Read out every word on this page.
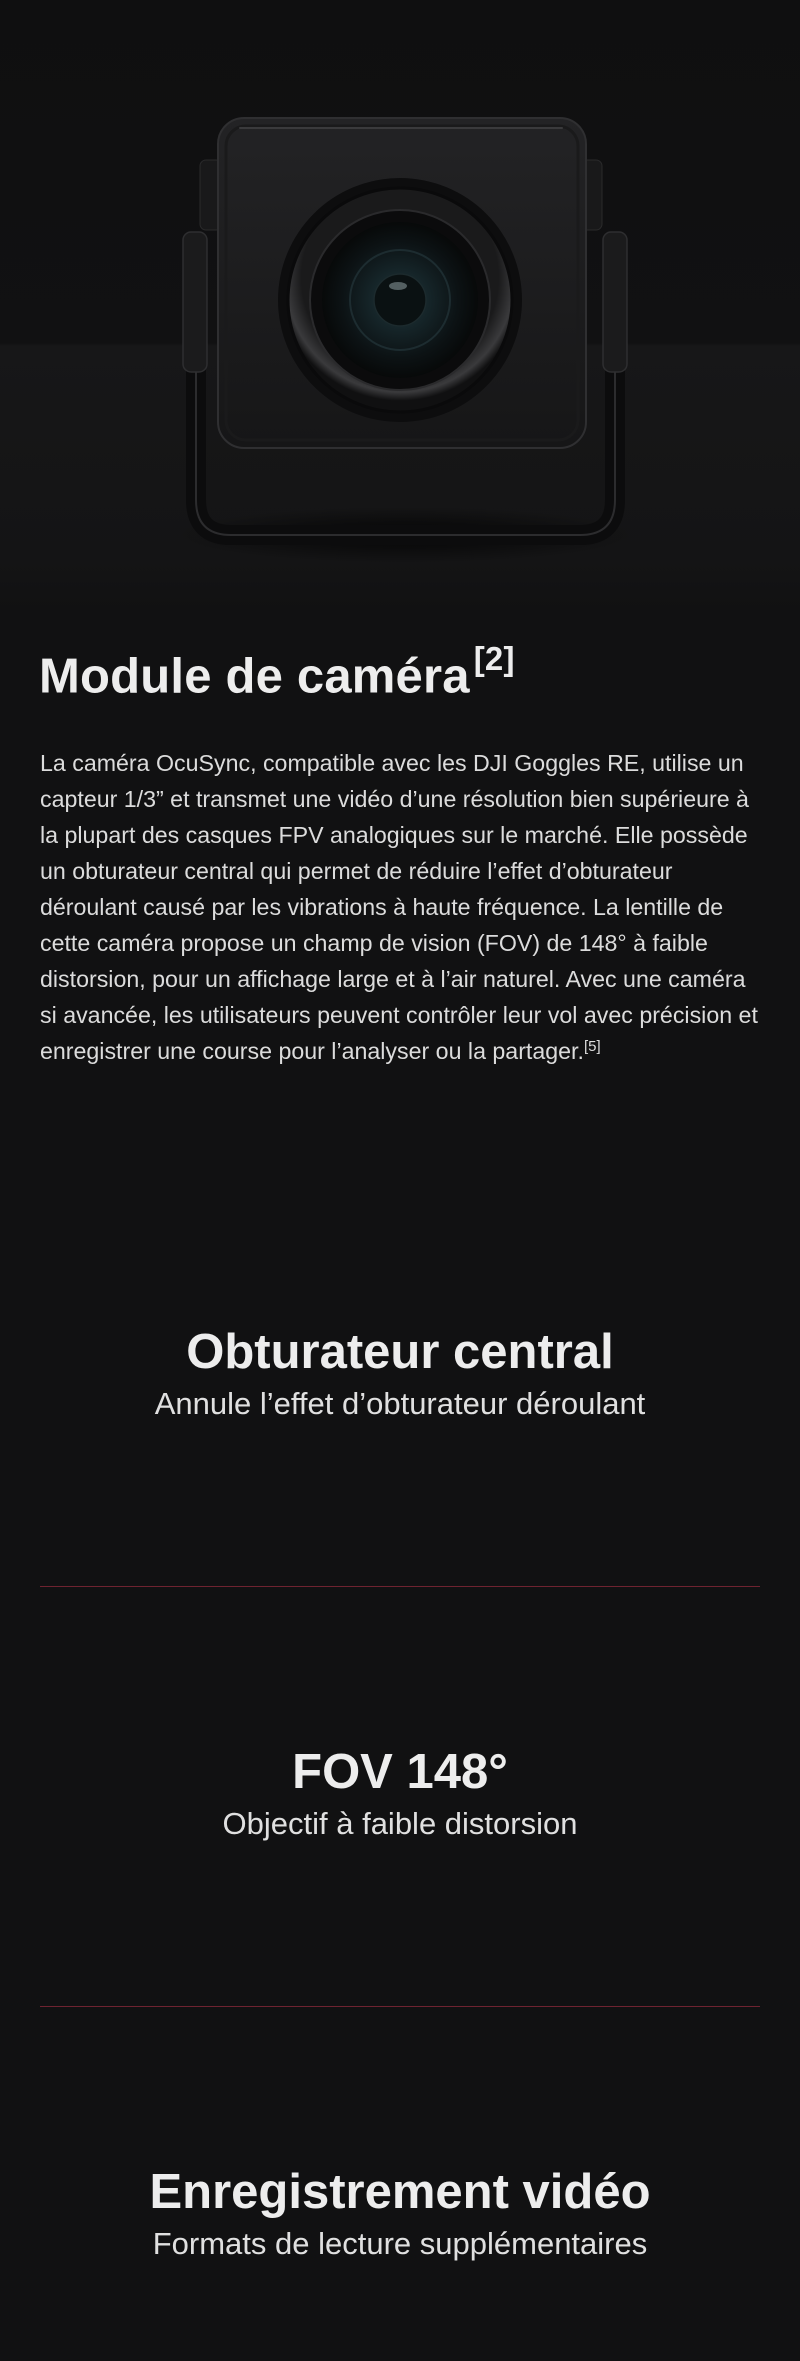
Module de caméra [2]

La caméra OcuSync, compatible avec les DJI Goggles RE, utilise un capteur 1/3” et transmet une vidéo d’une résolution bien supérieure à la plupart des casques FPV analogiques sur le marché. Elle possède un obturateur central qui permet de réduire l’effet d’obturateur déroulant causé par les vibrations à haute fréquence. La lentille de cette caméra propose un champ de vision (FOV) de 148° à faible distorsion, pour un affichage large et à l’air naturel. Avec une caméra si avancée, les utilisateurs peuvent contrôler leur vol avec précision et enregistrer une course pour l’analyser ou la partager.[5]

Obturateur central

Annule l’effet d’obturateur déroulant

FOV 148°

Objectif à faible distorsion

Enregistrement vidéo

Formats de lecture supplémentaires
